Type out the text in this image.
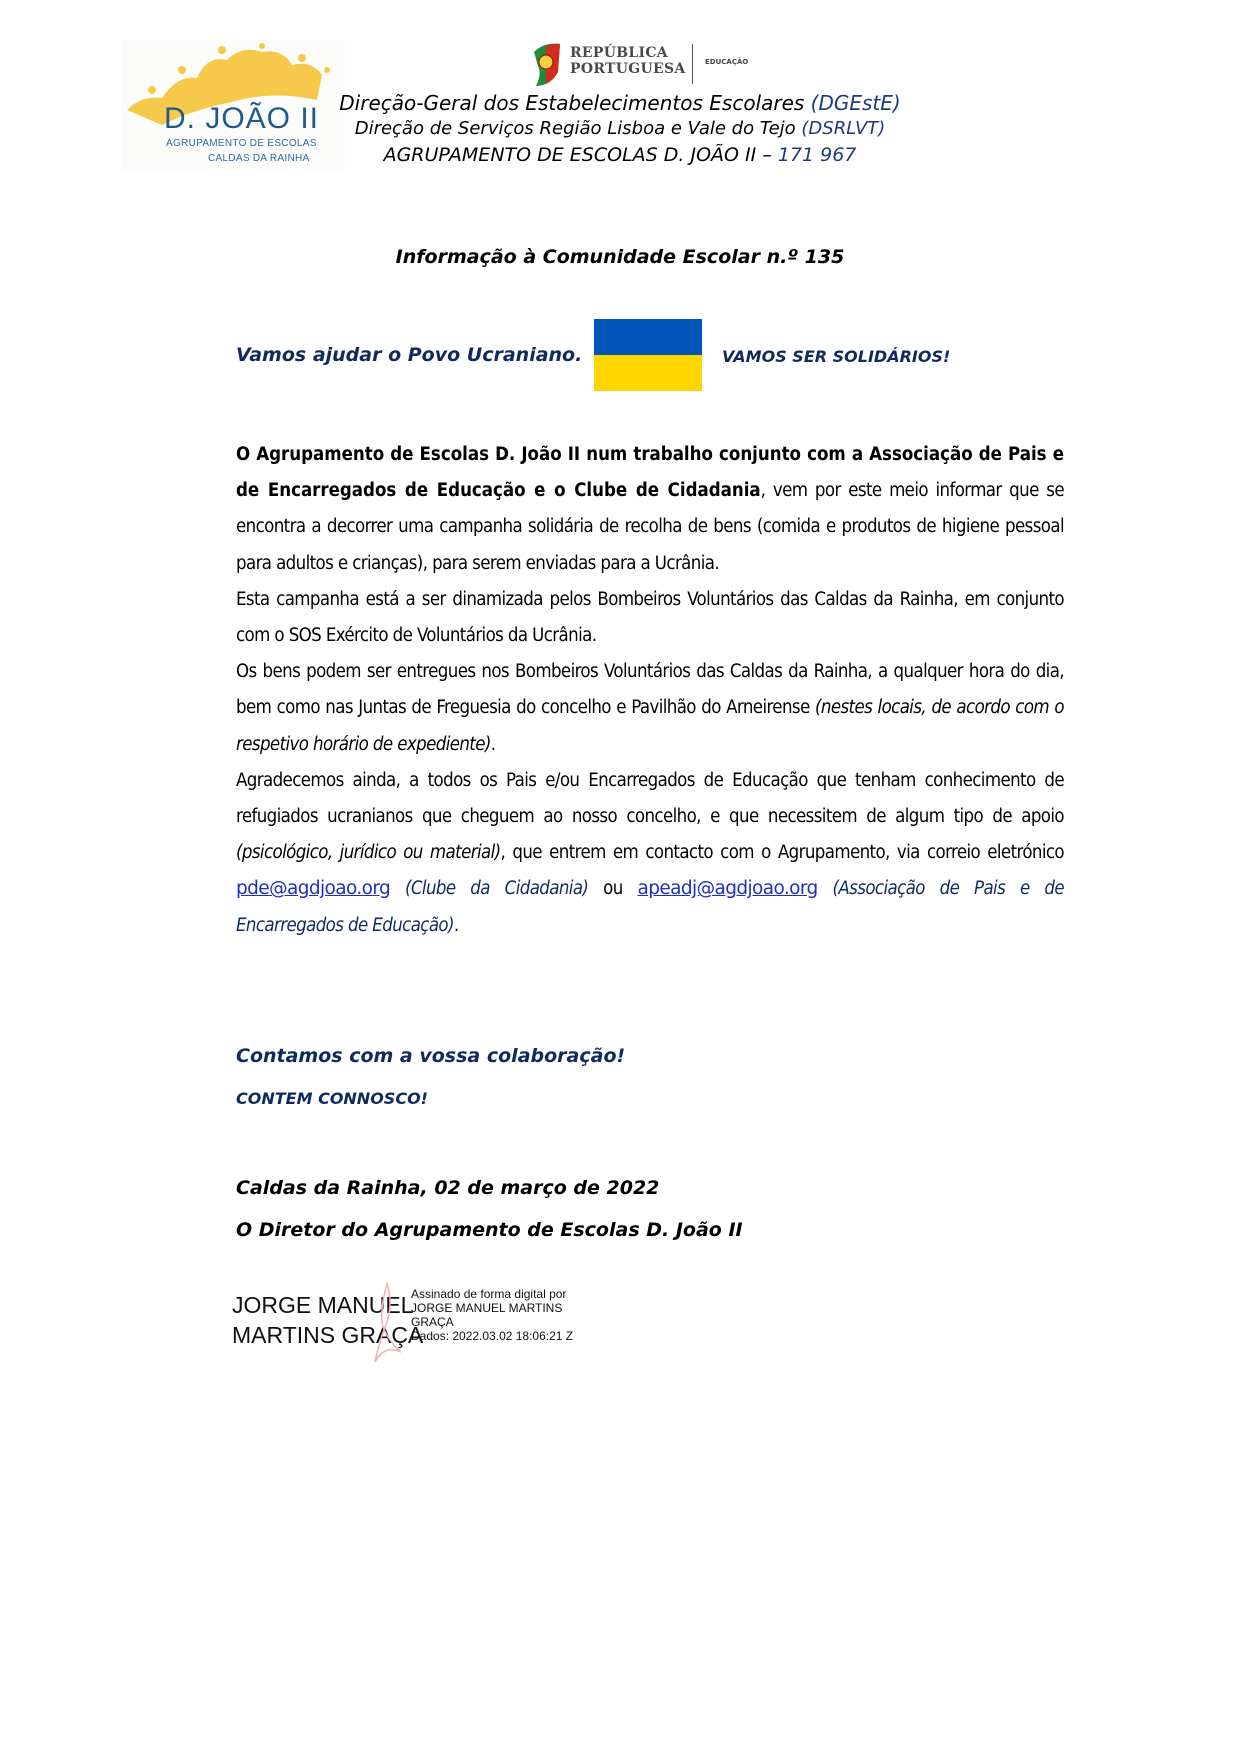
D. JOÃO II
AGRUPAMENTO DE ESCOLAS
CALDAS DA RAINHA
REPÚBLICA
PORTUGUESA	EDUCAÇÃO
Direção-Geral dos Estabelecimentos Escolares (DGEstE)
Direção de Serviços Região Lisboa e Vale do Tejo (DSRLVT)
AGRUPAMENTO DE ESCOLAS D. JOÃO II – 171 967
Informação à Comunidade Escolar n.º 135
Vamos ajudar o Povo Ucraniano.	VAMOS SER SOLIDÁRIOS!

O Agrupamento de Escolas D. João II num trabalho conjunto com a Associação de Pais e de Encarregados de Educação e o Clube de Cidadania, vem por este meio informar que se encontra a decorrer uma campanha solidária de recolha de bens (comida e produtos de higiene pessoal para adultos e crianças), para serem enviadas para a Ucrânia.

Esta campanha está a ser dinamizada pelos Bombeiros Voluntários das Caldas da Rainha, em conjunto com o SOS Exército de Voluntários da Ucrânia.

Os bens podem ser entregues nos Bombeiros Voluntários das Caldas da Rainha, a qualquer hora do dia, bem como nas Juntas de Freguesia do concelho e Pavilhão do Arneirense (nestes locais, de acordo com o respetivo horário de expediente).

Agradecemos ainda, a todos os Pais e/ou Encarregados de Educação que tenham conhecimento de refugiados ucranianos que cheguem ao nosso concelho, e que necessitem de algum tipo de apoio (psicológico, jurídico ou material), que entrem em contacto com o Agrupamento, via correio eletrónico pde@agdjoao.org (Clube da Cidadania) ou apeadj@agdjoao.org (Associação de Pais e de Encarregados de Educação).

Contamos com a vossa colaboração!
CONTEM CONNOSCO!
Caldas da Rainha, 02 de março de 2022
O Diretor do Agrupamento de Escolas D. João II
JORGE MANUEL
MARTINS GRAÇA
Assinado de forma digital por
JORGE MANUEL MARTINS
GRAÇA
Dados: 2022.03.02 18:06:21 Z
